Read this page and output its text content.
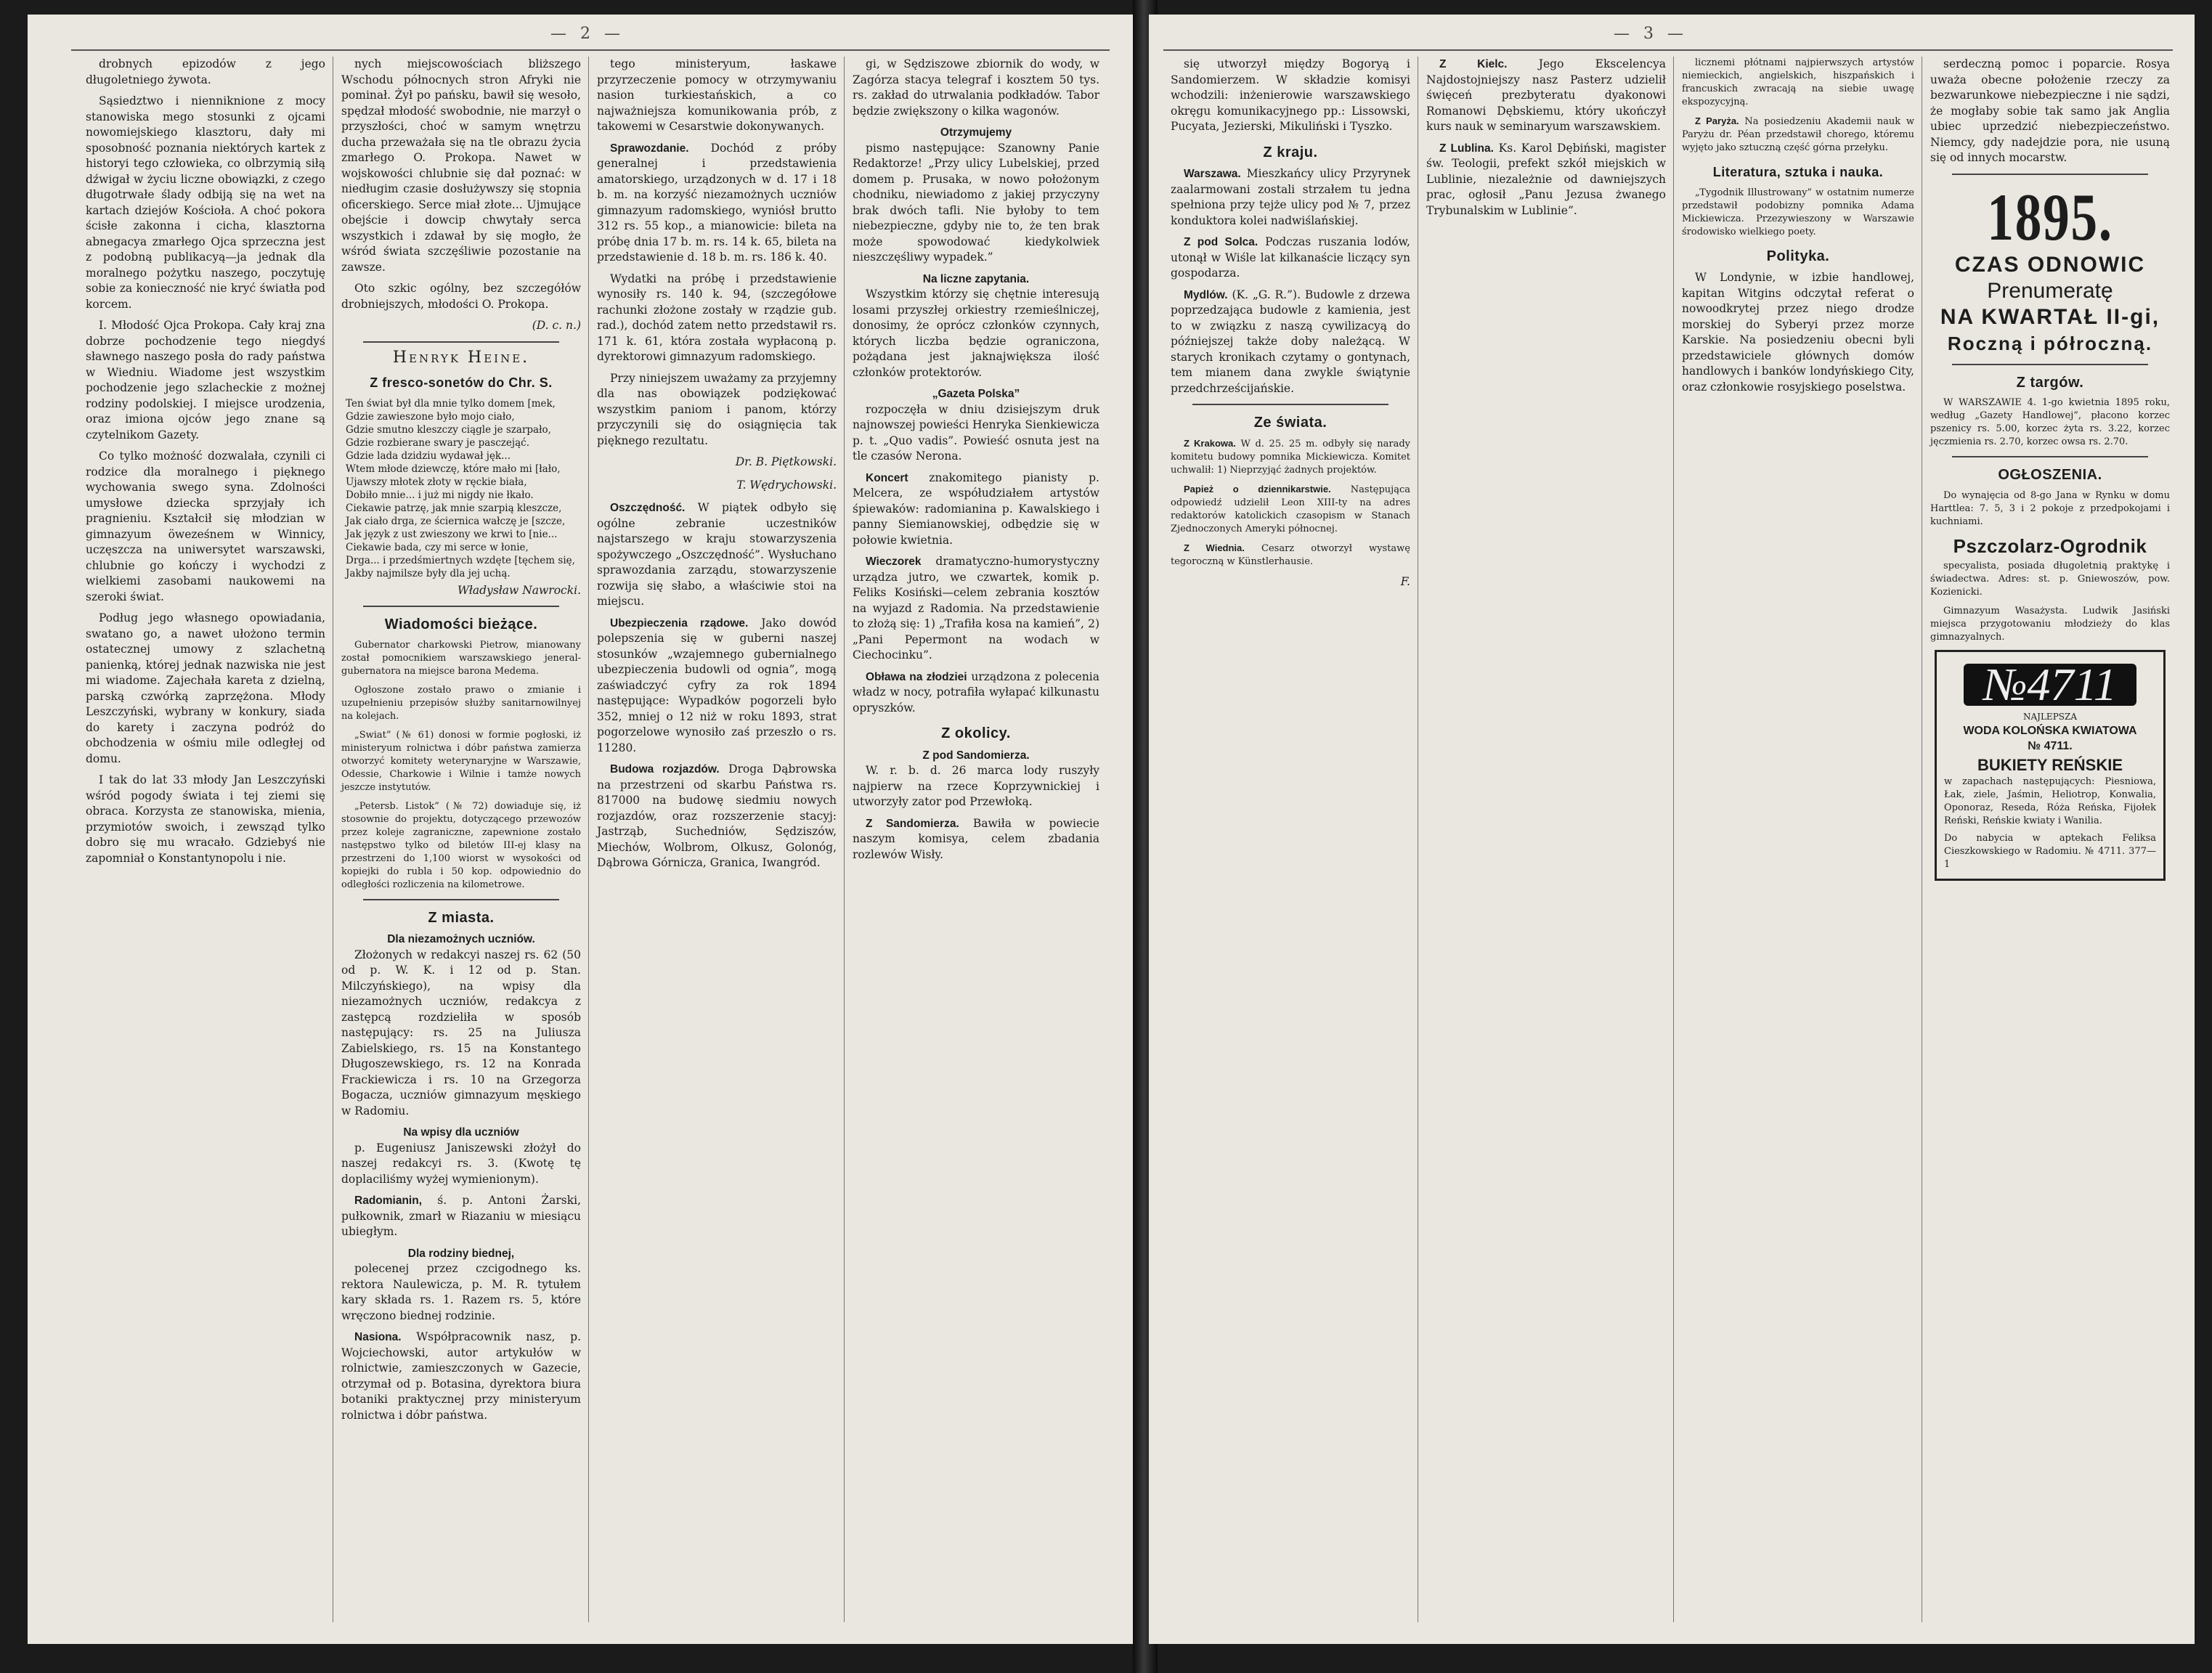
— 2 —

drobnych epizodów z jego długoletniego żywota.

Sąsiedztwo i nienniknione z mocy stanowiska mego stosunki z ojcami nowomiejskiego klasztoru, dały mi sposobność poznania niektórych kartek z historyi tego człowieka, co olbrzymią siłą dźwigał w życiu liczne obowiązki, z czego długotrwałe ślady odbiją się na wet na kartach dziejów Kościoła. A choć pokora ścisłe zakonna i cicha, klasztorna abnegacya zmarłego Ojca sprzeczna jest z podobną publikacyą—ja jednak dla moralnego pożytku naszego, poczytuję sobie za konieczność nie kryć światła pod korcem.

I. Młodość Ojca Prokopa. Cały kraj zna dobrze pochodzenie tego niegdyś sławnego naszego posła do rady państwa w Wiedniu. Wiadome jest wszystkim pochodzenie jego szlacheckie z możnej rodziny podolskiej. I miejsce urodzenia, oraz imiona ojców jego znane są czytelnikom Gazety.

Co tylko możność dozwalała, czynili ci rodzice dla moralnego i pięknego wychowania swego syna. Zdolności umysłowe dziecka sprzyjały ich pragnieniu. Kształcił się młodzian w gimnazyum öweześnem w Winnicy, uczęszcza na uniwersytet warszawski, chlubnie go kończy i wychodzi z wielkiemi zasobami naukowemi na szeroki świat.

Podług jego własnego opowiadania, swatano go, a nawet ułożono termin ostatecznej umowy z szlachetną panienką, której jednak nazwiska nie jest mi wiadome. Zajechała kareta z dzielną, parską czwórką zaprzężona. Młody Leszczyński, wybrany w konkury, siada do karety i zaczyna podróż do obchodzenia w ośmiu mile odległej od domu.

I tak do lat 33 młody Jan Leszczyński wśród pogody świata i tej ziemi się obraca. Korzysta ze stanowiska, mienia, przymiotów swoich, i zewsząd tylko dobro się mu wracało. Gdziebyś nie zapomniał o Konstantynopolu i nie.

nych miejscowościach bliższego Wschodu północnych stron Afryki nie pominał. Żył po pańsku, bawił się wesoło, spędzał młodość swobodnie, nie marzył o przyszłości, choć w samym wnętrzu ducha przeważała się na tle obrazu życia zmarłego O. Prokopa. Nawet w wojskowości chlubnie się dał poznać: w niedługim czasie dosłużywszy się stopnia oficerskiego. Serce miał złote... Ujmujące obejście i dowcip chwytały serca wszystkich i zdawał by się mogło, że wśród świata szczęśliwie pozostanie na zawsze.

Oto szkic ogólny, bez szczegółów drobniejszych, młodości O. Prokopa.

(D. c. n.)
Henryk Heine.
Z fresco-sonetów do Chr. S.
Ten świat był dla mnie tylko domem [mek,
Gdzie zawieszone było mojo ciało,
Gdzie smutno kleszczy ciągle je szarpało,
Gdzie rozbierane swary je pasczejąć.
Gdzie lada dzidziu wydawał jęk...
Wtem młode dziewczę, które mało mi [łało,
Ujawszy młotek złoty w ręckie biała,
Dobiło mnie... i już mi nigdy nie łkało.
Ciekawie patrzę, jak mnie szarpią kleszcze,
Jak ciało drga, ze ściernica wałczę je [szcze,
Jak język z ust zwieszony we krwi to [nie...
Ciekawie bada, czy mi serce w łonie,
Drga... i przedśmiertnych wzdęte [tęchem się,
Jakby najmilsze były dla jej uchą.
Władysław Nawrocki.
Wiadomości bieżące.

Gubernator charkowski Pietrow, mianowany został pomocnikiem warszawskiego jeneral-gubernatora na miejsce barona Medema.

Ogłoszone zostało prawo o zmianie i uzupełnieniu przepisów służby sanitarnowilnyej na kolejach.

„Swiat” (№ 61) donosi w formie pogłoski, iż ministeryum rolnictwa i dóbr państwa zamierza otworzyć komitety weterynaryjne w Warszawie, Odessie, Charkowie i Wilnie i tamże nowych jeszcze instytutów.

„Petersb. Listok” (№ 72) dowiaduje się, iż stosownie do projektu, dotyczącego przewozów przez koleje zagraniczne, zapewnione zostało następstwo tylko od biletów III-ej klasy na przestrzeni do 1,100 wiorst w wysokości od kopiejki do rubla i 50 kop. odpowiednio do odległości rozliczenia na kilometrowe.

Z miasta.
Dla niezamożnych uczniów.

Złożonych w redakcyi naszej rs. 62 (50 od p. W. K. i 12 od p. Stan. Milczyńskiego), na wpisy dla niezamożnych uczniów, redakcya z zastępcą rozdzieliła w sposób następujący: rs. 25 na Juliusza Zabielskiego, rs. 15 na Konstantego Długoszewskiego, rs. 12 na Konrada Frackiewicza i rs. 10 na Grzegorza Bogacza, uczniów gimnazyum męskiego w Radomiu.

Na wpisy dla uczniów

p. Eugeniusz Janiszewski złożył do naszej redakcyi rs. 3. (Kwotę tę doplaciliśmy wyżej wymienionym).

Radomianin, ś. p. Antoni Żarski, pułkownik, zmarł w Riazaniu w miesiącu ubiegłym.

Dla rodziny biednej,

polecenej przez czcigodnego ks. rektora Naulewicza, p. M. R. tytułem kary składa rs. 1. Razem rs. 5, które wręczono biednej rodzinie.

Nasiona. Współpracownik nasz, p. Wojciechowski, autor artykułów w rolnictwie, zamieszczonych w Gazecie, otrzymał od p. Botasina, dyrektora biura botaniki praktycznej przy ministeryum rolnictwa i dóbr państwa.

tego ministeryum, łaskawe przyrzeczenie pomocy w otrzymywaniu nasion turkiestańskich, a co najważniejsza komunikowania prób, z takowemi w Cesarstwie dokonywanych.

Sprawozdanie. Dochód z próby generalnej i przedstawienia amatorskiego, urządzonych w d. 17 i 18 b. m. na korzyść niezamożnych uczniów gimnazyum radomskiego, wyniósł brutto 312 rs. 55 kop., a mianowicie: bileta na próbę dnia 17 b. m. rs. 14 k. 65, bileta na przedstawienie d. 18 b. m. rs. 186 k. 40.

Wydatki na próbę i przedstawienie wynosiły rs. 140 k. 94, (szczegółowe rachunki złożone zostały w rządzie gub. rad.), dochód zatem netto przedstawił rs. 171 k. 61, która została wypłaconą p. dyrektorowi gimnazyum radomskiego.

Przy niniejszem uważamy za przyjemny dla nas obowiązek podziękować wszystkim paniom i panom, którzy przyczynili się do osiągnięcia tak pięknego rezultatu.

Dr. B. Piętkowski.
T. Wędrychowski.

Oszczędność. W piątek odbyło się ogólne zebranie uczestników najstarszego w kraju stowarzyszenia spożywczego „Oszczędność”. Wysłuchano sprawozdania zarządu, stowarzyszenie rozwija się słabo, a właściwie stoi na miejscu.

Ubezpieczenia rządowe. Jako dowód polepszenia się w guberni naszej stosunków „wzajemnego gubernialnego ubezpieczenia budowli od ognia”, mogą zaświadczyć cyfry za rok 1894 następujące: Wypadków pogorzeli było 352, mniej o 12 niż w roku 1893, strat pogorzelowe wynosiło zaś przeszło o rs. 11280.

Budowa rozjazdów. Droga Dąbrowska na przestrzeni od skarbu Państwa rs. 817000 na budowę siedmiu nowych rozjazdów, oraz rozszerzenie stacyj: Jastrząb, Suchedniów, Sędziszów, Miechów, Wolbrom, Olkusz, Golonóg, Dąbrowa Górnicza, Granica, Iwangród.

gi, w Sędziszowe zbiornik do wody, w Zagórza stacya telegraf i kosztem 50 tys. rs. zakład do utrwalania podkładów. Tabor będzie zwiększony o kilka wagonów.

Otrzymujemy

pismo następujące: Szanowny Panie Redaktorze! „Przy ulicy Lubelskiej, przed domem p. Prusaka, w nowo położonym chodniku, niewiadomo z jakiej przyczyny brak dwóch tafli. Nie byłoby to tem niebezpieczne, gdyby nie to, że ten brak może spowodować kiedykolwiek nieszczęśliwy wypadek.”

Na liczne zapytania.

Wszystkim którzy się chętnie interesują losami przyszłej orkiestry rzemieślniczej, donosimy, że oprócz członków czynnych, których liczba będzie ograniczona, pożądana jest jaknajwiększa ilość członków protektorów.

„Gazeta Polska”

rozpoczęła w dniu dzisiejszym druk najnowszej powieści Henryka Sienkiewicza p. t. „Quo vadis”. Powieść osnuta jest na tle czasów Nerona.

Koncert znakomitego pianisty p. Melcera, ze współudziałem artystów śpiewaków: radomianina p. Kawalskiego i panny Siemianowskiej, odbędzie się w połowie kwietnia.

Wieczorek dramatyczno-humorystyczny urządza jutro, we czwartek, komik p. Feliks Kosiński—celem zebrania kosztów na wyjazd z Radomia. Na przedstawienie to złożą się: 1) „Trafiła kosa na kamień”, 2) „Pani Pepermont na wodach w Ciechocinku”.

Obława na złodziei urządzona z polecenia władz w nocy, potrafiła wyłapać kilkunastu opryszków.

Z okolicy.
Z pod Sandomierza.

W. r. b. d. 26 marca lody ruszyły najpierw na rzece Koprzywnickiej i utworzyły zator pod Przewłoką.

Z Sandomierza. Bawiła w powiecie naszym komisya, celem zbadania rozlewów Wisły.

— 3 —

się utworzył między Bogoryą i Sandomierzem. W składzie komisyi wchodzili: inżenierowie warszawskiego okręgu komunikacyjnego pp.: Lissowski, Pucyata, Jezierski, Mikuliński i Tyszko.

Z kraju.

Warszawa. Mieszkańcy ulicy Przyrynek zaalarmowani zostali strzałem tu jedna spełniona przy tejże ulicy pod № 7, przez konduktora kolei nadwiślańskiej.

Z pod Solca. Podczas ruszania lodów, utonął w Wiśle lat kilkanaście liczący syn gospodarza.

Mydlów. (K. „G. R.”). Budowle z drzewa poprzedzająca budowle z kamienia, jest to w związku z naszą cywilizacyą do późniejszej także doby należącą. W starych kronikach czytamy o gontynach, tem mianem dana zwykle świątynie przedchrześcijańskie.

Ze świata.

Z Krakowa. W d. 25. 25 m. odbyły się narady komitetu budowy pomnika Mickiewicza. Komitet uchwalił: 1) Nieprzyjąć żadnych projektów.

Papież o dziennikarstwie. Następująca odpowiedź udzielił Leon XIII-ty na adres redaktorów katolickich czasopism w Stanach Zjednoczonych Ameryki północnej.

Z Wiednia. Cesarz otworzył wystawę tegoroczną w Künstlerhausie.

F.

Z Kielc.	Jego Ekscelencya Najdostojniejszy nasz Pasterz udzielił święceń prezbyteratu dyakonowi Romanowi Dębskiemu, który ukończył kurs nauk w seminaryum warszawskiem.

Z Lublina. Ks. Karol Dębiński, magister św. Teologii, prefekt szkół miejskich w Lublinie, niezależnie od dawniejszych prac, ogłosił „Panu Jezusa żwanego Trybunalskim w Lublinie”.

licznemi płótnami najpierwszych artystów niemieckich, angielskich, hiszpańskich i francuskich zwracają na siebie uwagę ekspozycyjną.

Z Paryża. Na posiedzeniu Akademii nauk w Paryżu dr. Péan przedstawił chorego, któremu wyjęto jako sztuczną część górna przełyku.

Literatura, sztuka i nauka.

„Tygodnik Illustrowany” w ostatnim numerze przedstawił podobizny pomnika Adama Mickiewicza. Przezywieszony w Warszawie środowisko wielkiego poety.

Polityka.

W Londynie, w izbie handlowej, kapitan Witgins odczytał referat o nowoodkrytej przez niego drodze morskiej do Syberyi przez morze Karskie. Na posiedzeniu obecni byli przedstawiciele głównych domów handlowych i banków londyńskiego City, oraz członkowie rosyjskiego poselstwa.

serdeczną pomoc i poparcie. Rosya uważa obecne położenie rzeczy za bezwarunkowe niebezpieczne i nie sądzi, że mogłaby sobie tak samo jak Anglia ubiec uprzedzić niebezpieczeństwo. Niemcy, gdy nadejdzie pora, nie usuną się od innych mocarstw.

1895.
CZAS ODNOWIC
Prenumeratę
NA KWARTAŁ II-gi,
Roczną i półroczną.
Z targów.

W WARSZAWIE 4. 1-go kwietnia 1895 roku, według „Gazety Handlowej”, płacono korzec pszenicy rs. 5.00, korzec żyta rs. 3.22, korzec jęczmienia rs. 2.70, korzec owsa rs. 2.70.

OGŁOSZENIA.

Do wynajęcia od 8-go Jana w Rynku w domu Harttlea: 7. 5, 3 i 2 pokoje z przedpokojami i kuchniami.

Pszczolarz-Ogrodnik

specyalista, posiada długoletnią praktykę i świadectwa. Adres: st. p. Gniewoszów, pow. Kozienicki.

Gimnazyum Wasażysta. Ludwik Jasiński miejsca przygotowaniu młodzieży do klas gimnazyalnych.

№4711
NAJLEPSZA
WODA KOLOŃSKA KWIATOWA
№ 4711.
BUKIETY REŃSKIE
w zapachach następujących: Piesniowa, Łak, ziele, Jaśmin, Heliotrop, Konwalia, Oponoraz, Reseda, Róża Reńska, Fijołek Reński, Reńskie kwiaty i Wanilia.
Do nabycia w aptekach Feliksa Cieszkowskiego w Radomiu. № 4711. 377—1
